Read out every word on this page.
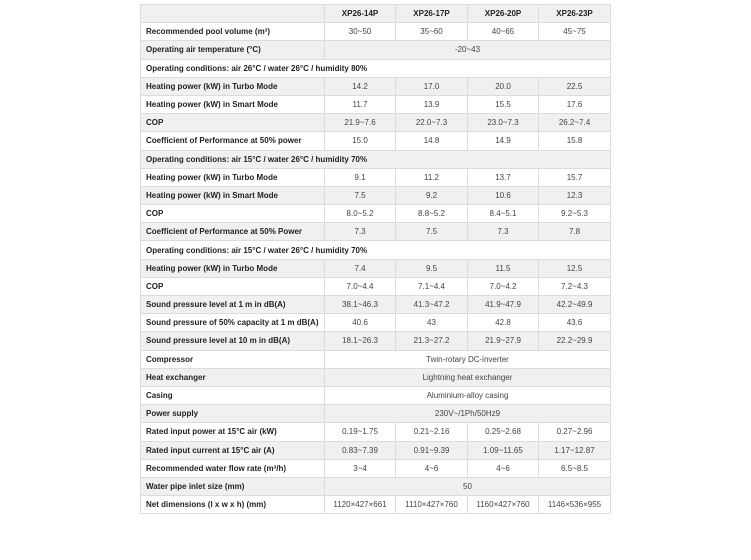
	XP26-14P	XP26-17P	XP26-20P	XP26-23P
Recommended pool volume (m³)	30~50	35~60	40~65	45~75
Operating air temperature (°C)	-20~43			
Operating conditions: air 26°C / water 26°C / humidity 80%				
Heating power (kW) in Turbo Mode	14.2	17.0	20.0	22.5
Heating power (kW) in Smart Mode	11.7	13.9	15.5	17.6
COP	21.9~7.6	22.0~7.3	23.0~7.3	26.2~7.4
Coefficient of Performance at 50% power	15.0	14.8	14.9	15.8
Operating conditions: air 15°C / water 26°C / humidity 70%				
Heating power (kW) in Turbo Mode	9.1	11.2	13.7	15.7
Heating power (kW) in Smart Mode	7.5	9.2	10.6	12.3
COP	8.0~5.2	8.8~5.2	8.4~5.1	9.2~5.3
Coefficient of Performance at 50% Power	7.3	7.5	7.3	7.8
Operating conditions: air 15°C / water 26°C / humidity 70%				
Heating power (kW) in Turbo Mode	7.4	9.5	11.5	12.5
COP	7.0~4.4	7.1~4.4	7.0~4.2	7.2~4.3
Sound pressure level at 1 m in dB(A)	38.1~46.3	41.3~47.2	41.9~47.9	42.2~49.9
Sound pressure of 50% capacity at 1 m dB(A)	40.6	43	42.8	43.6
Sound pressure level at 10 m in dB(A)	18.1~26.3	21.3~27.2	21.9~27.9	22.2~29.9
Compressor	Twin-rotary DC-inverter			
Heat exchanger	Lightning heat exchanger			
Casing	Aluminium-alloy casing			
Power supply	230V~/1Ph/50Hz9			
Rated input power at 15°C air (kW)	0.19~1.75	0.21~2.16	0.25~2.68	0.27~2.96
Rated input current at 15°C air (A)	0.83~7.39	0.91~9.39	1.09~11.65	1.17~12.87
Recommended water flow rate (m³/h)	3~4	4~6	4~6	6.5~8.5
Water pipe inlet size (mm)	50			
Net dimensions (l x w x h) (mm)	1120×427×661	1110×427×760	1160×427×760	1146×536×955
